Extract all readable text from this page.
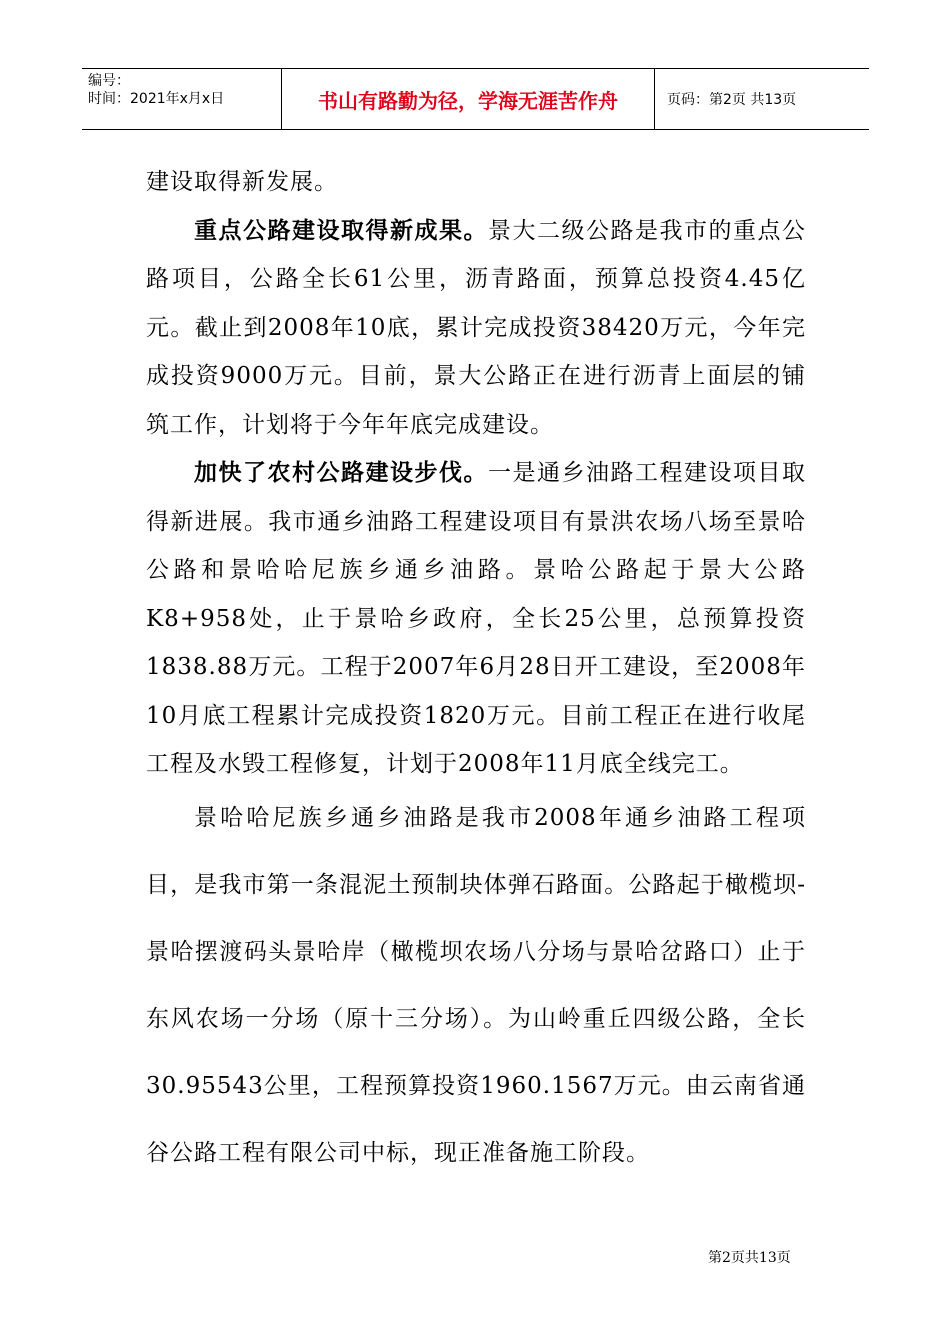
编号：
时间：2021年x月x日	书山有路勤为径，学海无涯苦作舟	页码：第2页 共13页

建设取得新发展。

重点公路建设取得新成果。景大二级公路是我市的重点公路项目，公路全长61公里，沥青路面，预算总投资4.45亿元。截止到2008年10底，累计完成投资38420万元，今年完成投资9000万元。目前，景大公路正在进行沥青上面层的铺筑工作，计划将于今年年底完成建设。

加快了农村公路建设步伐。一是通乡油路工程建设项目取得新进展。我市通乡油路工程建设项目有景洪农场八场至景哈公路和景哈哈尼族乡通乡油路。景哈公路起于景大公路K8+958处，止于景哈乡政府，全长25公里，总预算投资1838.88万元。工程于2007年6月28日开工建设，至2008年10月底工程累计完成投资1820万元。目前工程正在进行收尾工程及水毁工程修复，计划于2008年11月底全线完工。

景哈哈尼族乡通乡油路是我市2008年通乡油路工程项目，是我市第一条混泥土预制块体弹石路面。公路起于橄榄坝-景哈摆渡码头景哈岸（橄榄坝农场八分场与景哈岔路口）止于东风农场一分场（原十三分场）。为山岭重丘四级公路，全长30.95543公里，工程预算投资1960.1567万元。由云南省通谷公路工程有限公司中标，现正准备施工阶段。

第2页共13页
